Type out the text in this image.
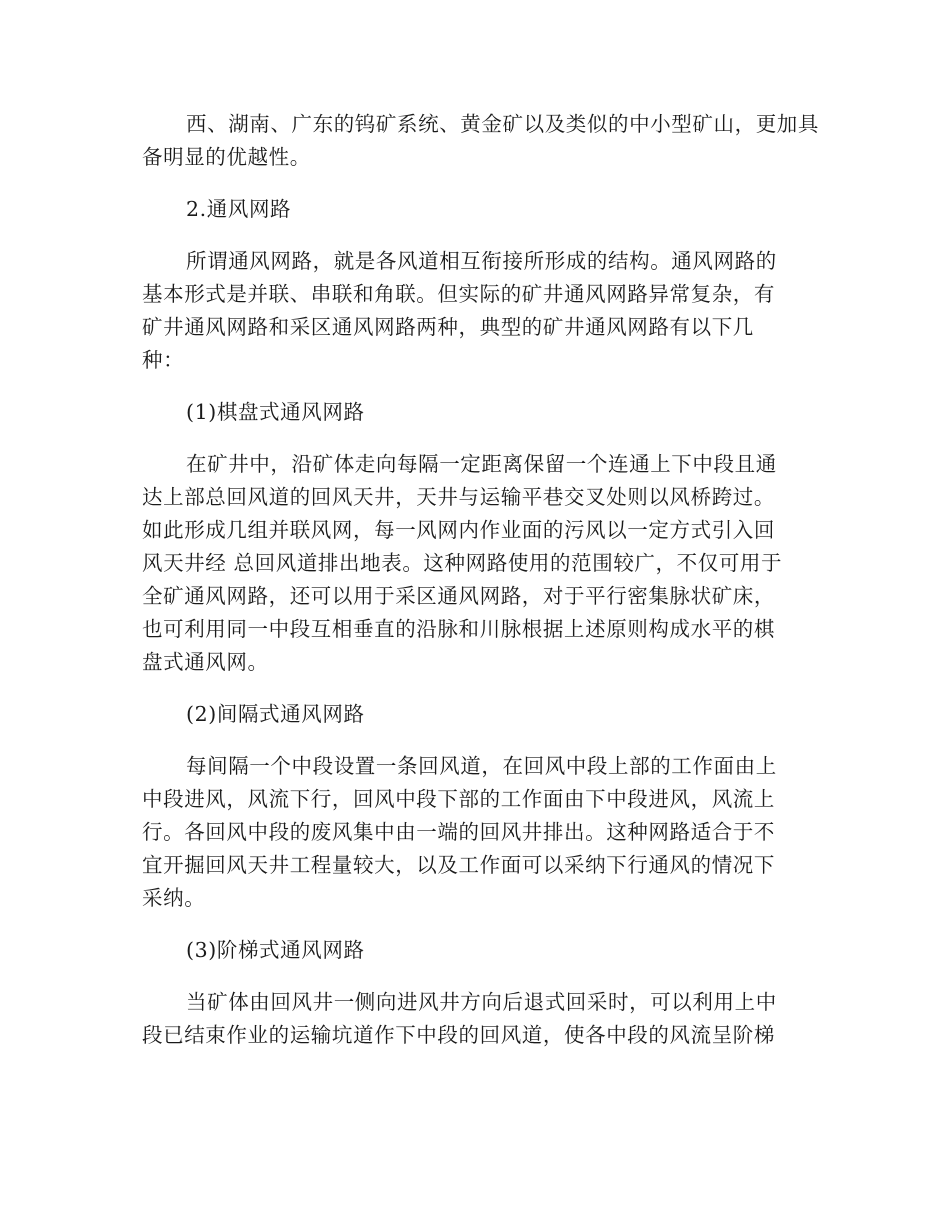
西、湖南、广东的钨矿系统、黄金矿以及类似的中小型矿山，更加具
备明显的优越性。
2.通风网路
所谓通风网路，就是各风道相互衔接所形成的结构。通风网路的
基本形式是并联、串联和角联。但实际的矿井通风网路异常复杂，有
矿井通风网路和采区通风网路两种，典型的矿井通风网路有以下几
种：
(1)棋盘式通风网路
在矿井中，沿矿体走向每隔一定距离保留一个连通上下中段且通
达上部总回风道的回风天井，天井与运输平巷交叉处则以风桥跨过。
如此形成几组并联风网，每一风网内作业面的污风以一定方式引入回
风天井经 总回风道排出地表。这种网路使用的范围较广，不仅可用于
全矿通风网路，还可以用于采区通风网路，对于平行密集脉状矿床，
也可利用同一中段互相垂直的沿脉和川脉根据上述原则构成水平的棋
盘式通风网。
(2)间隔式通风网路
每间隔一个中段设置一条回风道，在回风中段上部的工作面由上
中段进风，风流下行，回风中段下部的工作面由下中段进风，风流上
行。各回风中段的废风集中由一端的回风井排出。这种网路适合于不
宜开掘回风天井工程量较大，以及工作面可以采纳下行通风的情况下
采纳。
(3)阶梯式通风网路
当矿体由回风井一侧向进风井方向后退式回采时，可以利用上中
段已结束作业的运输坑道作下中段的回风道，使各中段的风流呈阶梯
